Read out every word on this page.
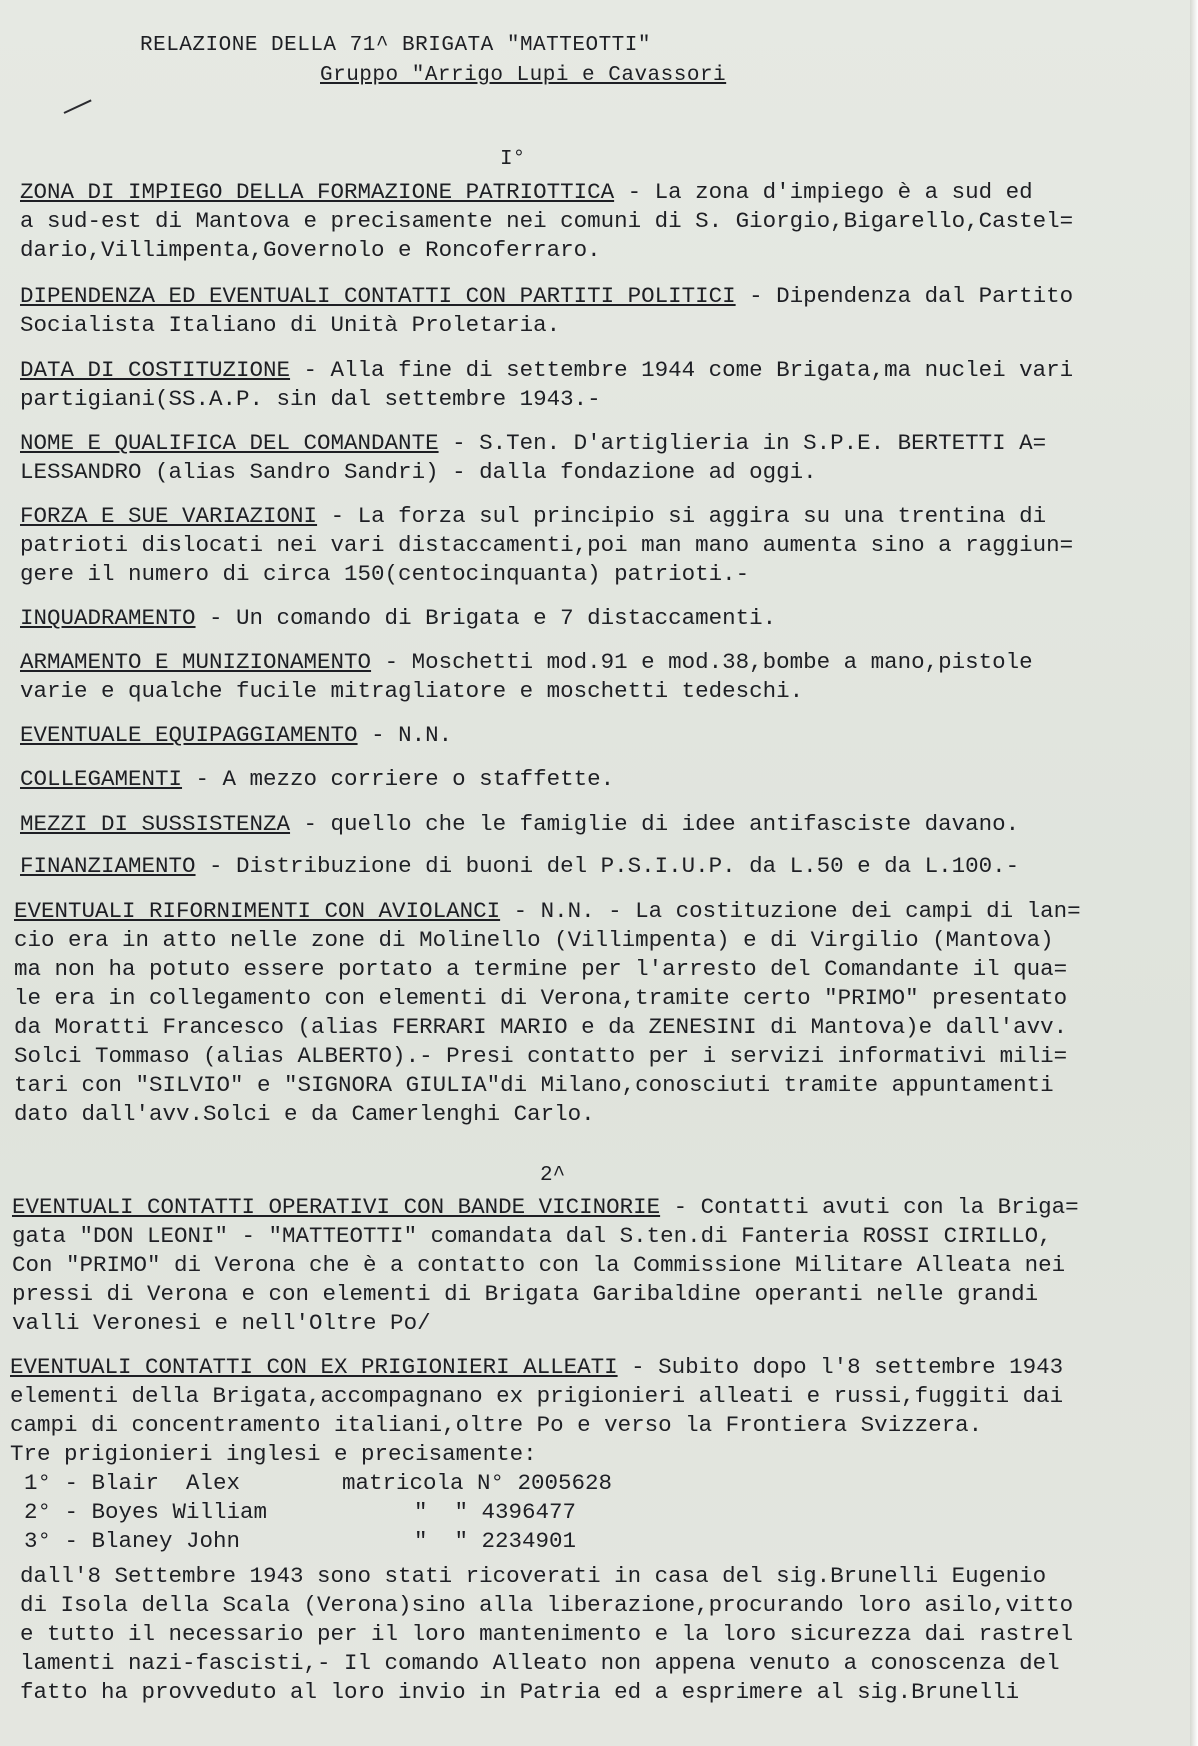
RELAZIONE DELLA 71^ BRIGATA "MATTEOTTI"
Gruppo "Arrigo Lupi e Cavassori
I°
ZONA DI IMPIEGO DELLA FORMAZIONE PATRIOTTICA - La zona d'impiego è a sud ed
a sud-est di Mantova e precisamente nei comuni di S. Giorgio,Bigarello,Castel=
dario,Villimpenta,Governolo e Roncoferraro.
DIPENDENZA ED EVENTUALI CONTATTI CON PARTITI POLITICI - Dipendenza dal Partito
Socialista Italiano di Unità Proletaria.
DATA DI COSTITUZIONE - Alla fine di settembre 1944 come Brigata,ma nuclei vari
partigiani(SS.A.P. sin dal settembre 1943.-
NOME E QUALIFICA DEL COMANDANTE - S.Ten. D'artiglieria in S.P.E. BERTETTI A=
LESSANDRO (alias Sandro Sandri) - dalla fondazione ad oggi.
FORZA E SUE VARIAZIONI - La forza sul principio si aggira su una trentina di
patrioti dislocati nei vari distaccamenti,poi man mano aumenta sino a raggiun=
gere il numero di circa 150(centocinquanta) patrioti.-
INQUADRAMENTO - Un comando di Brigata e 7 distaccamenti.
ARMAMENTO E MUNIZIONAMENTO - Moschetti mod.91 e mod.38,bombe a mano,pistole
varie e qualche fucile mitragliatore e moschetti tedeschi.
EVENTUALE EQUIPAGGIAMENTO - N.N.
COLLEGAMENTI - A mezzo corriere o staffette.
MEZZI DI SUSSISTENZA - quello che le famiglie di idee antifasciste davano.
FINANZIAMENTO - Distribuzione di buoni del P.S.I.U.P. da L.50 e da L.100.-
EVENTUALI RIFORNIMENTI CON AVIOLANCI - N.N. - La costituzione dei campi di lan=
cio era in atto nelle zone di Molinello (Villimpenta) e di Virgilio (Mantova)
ma non ha potuto essere portato a termine per l'arresto del Comandante il qua=
le era in collegamento con elementi di Verona,tramite certo "PRIMO" presentato
da Moratti Francesco (alias FERRARI MARIO e da ZENESINI di Mantova)e dall'avv.
Solci Tommaso (alias ALBERTO).- Presi contatto per i servizi informativi mili=
tari con "SILVIO" e "SIGNORA GIULIA"di Milano,conosciuti tramite appuntamenti
dato dall'avv.Solci e da Camerlenghi Carlo.
2^
EVENTUALI CONTATTI OPERATIVI CON BANDE VICINORIE - Contatti avuti con la Briga=
gata "DON LEONI" - "MATTEOTTI" comandata dal S.ten.di Fanteria ROSSI CIRILLO,
Con "PRIMO" di Verona che è a contatto con la Commissione Militare Alleata nei
pressi di Verona e con elementi di Brigata Garibaldine operanti nelle grandi
valli Veronesi e nell'Oltre Po/
EVENTUALI CONTATTI CON EX PRIGIONIERI ALLEATI - Subito dopo l'8 settembre 1943
elementi della Brigata,accompagnano ex prigionieri alleati e russi,fuggiti dai
campi di concentramento italiani,oltre Po e verso la Frontiera Svizzera.
Tre prigionieri inglesi e precisamente:
1° - Blair  Alex	matricola N° 2005628
2° - Boyes William	"  " 4396477
3° - Blaney John	"  " 2234901
dall'8 Settembre 1943 sono stati ricoverati in casa del sig.Brunelli Eugenio
di Isola della Scala (Verona)sino alla liberazione,procurando loro asilo,vitto
e tutto il necessario per il loro mantenimento e la loro sicurezza dai rastrel
lamenti nazi-fascisti,- Il comando Alleato non appena venuto a conoscenza del
fatto ha provveduto al loro invio in Patria ed a esprimere al sig.Brunelli
